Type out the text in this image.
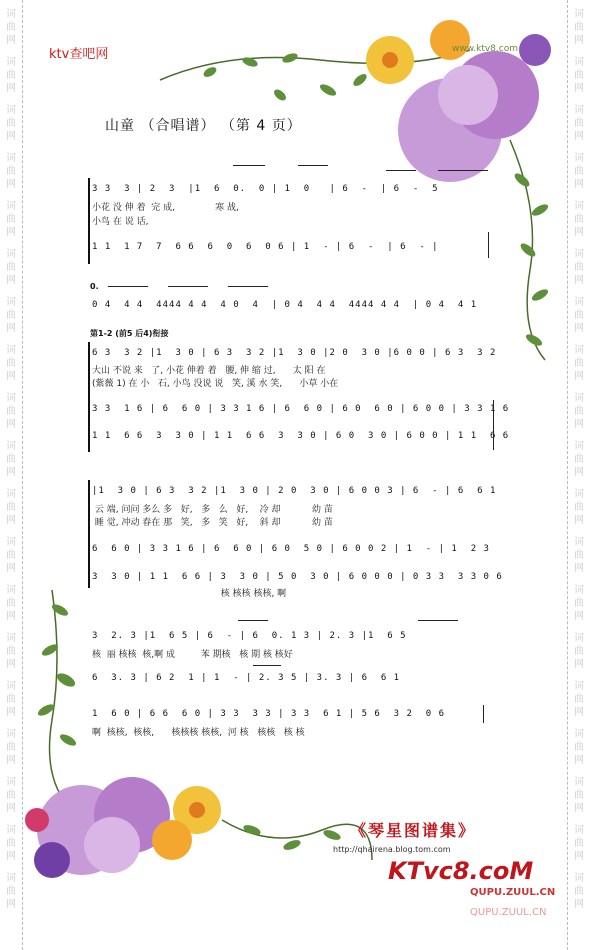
词
曲
网
词
曲
网
词
曲
网
词
曲
网
词
曲
网
词
曲
网
词
曲
网
词
曲
网
词
曲
网
词
曲
网
词
曲
网
词
曲
网
词
曲
网
词
曲
网
词
曲
网
词
曲
网
词
曲
网
词
曲
网
词
曲
网
词
曲
网
词
曲
网
词
曲
网
词
曲
网
词
曲
网
词
曲
网
词
曲
网
词
曲
网
词
曲
网
词
曲
网
词
曲
网
词
曲
网
词
曲
网
词
曲
网
词
曲
网
词
曲
网
词
曲
网
词
曲
网
词
曲
网
ktv查吧网	www.ktv8.com
山童 （合唱谱） （第 4 页）
3 3  3 | 2  3  |1  6  0.  0 | 1  0   | 6  -  | 6  -  5
小花 没 伸 着  完 成,              寒 战,
小鸟 在 说 话,
1 1  1 7  7  6 6  6  0  6  0 6 | 1  - | 6  -  | 6  - |
0.
0 4  4 4  4444 4 4  4 0  4  | 0 4  4 4  4444 4 4  | 0 4  4 1
第1-2 (前5 后4)衔接
6 3  3 2 |1  3 0 | 6 3  3 2 |1  3 0 |2 0  3 0 |6 0 0 | 6 3  3 2
大山 不说 来   了, 小花 伸着 着   腰, 伸 缩 过,      太 阳 在
(紫薇 1) 在 小   石, 小鸟 没说 说   笑, 溪 水 笑,      小草 小在
3 3  1 6 | 6  6 0 | 3 3 1 6 | 6  6 0 | 6 0  6 0 | 6 0 0 | 3 3 1 6
1 1  6 6  3  3 0 | 1 1  6 6  3  3 0 | 6 0  3 0 | 6 0 0 | 1 1  6 6
|1  3 0 | 6 3  3 2 |1  3 0 | 2 0  3 0 | 6 0 0 3 | 6  - | 6  6 1
云 端, 问问 多么 多   好,   多   么   好,    冷 却           幼 苗
睡 觉, 冲动 春在 那   笑,   多   笑   好,    斜 却           幼 苗
6  6 0 | 3 3 1 6 | 6  6 0 | 6 0  5 0 | 6 0 0 2 | 1  - | 1  2 3
3  3 0 | 1 1  6 6 | 3  3 0 | 5 0  3 0 | 6 0 0 0 | 0 3 3  3 3 0 6
核 核核 核核, 啊
3  2. 3 |1  6 5 | 6  - | 6  0. 1 3 | 2. 3 |1  6 5
核  丽 核核  核,啊 成         苯 期核   核 期 核 核好
6  3. 3 | 6 2  1 | 1  - | 2. 3 5 | 3. 3 | 6  6 1
1  6 0 | 6 6  6 0 | 3 3  3 3 | 3 3  6 1 | 5 6  3 2  0 6
啊  核核,  核核,      核核核 核核,  河 核   核核   核 核
《琴星图谱集》
http://qhairena.blog.tom.com
KTvc8.coM
QUPU.ZUUL.CN
QUPU.ZUUL.CN
